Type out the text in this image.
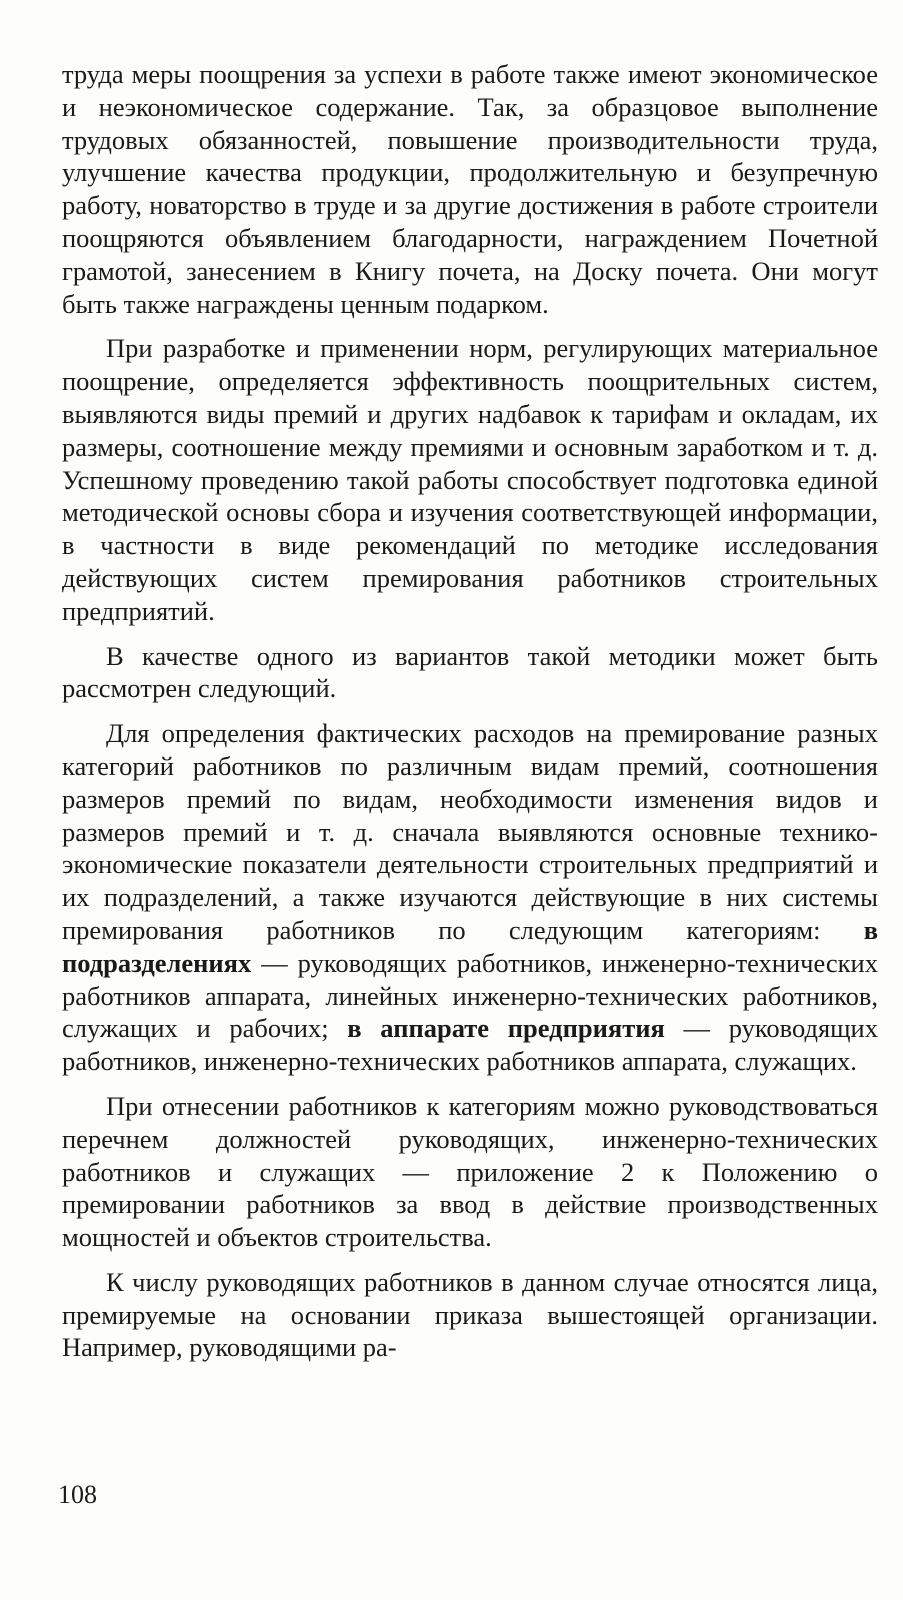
труда меры поощрения за успехи в работе также имеют экономическое и неэкономическое содержание. Так, за образцовое выполнение трудовых обязанностей, повышение производительности труда, улучшение качества продукции, продолжительную и безупречную работу, новаторство в труде и за другие достижения в работе строители поощряются объявлением благодарности, награждением Почетной грамотой, занесением в Книгу почета, на Доску почета. Они могут быть также награждены ценным подарком.

При разработке и применении норм, регулирующих материальное поощрение, определяется эффективность поощрительных систем, выявляются виды премий и других надбавок к тарифам и окладам, их размеры, соотношение между премиями и основным заработком и т. д. Успешному проведению такой работы способствует подготовка единой методической основы сбора и изучения соответствующей информации, в частности в виде рекомендаций по методике исследования действующих систем премирования работников строительных предприятий.

В качестве одного из вариантов такой методики может быть рассмотрен следующий.

Для определения фактических расходов на премирование разных категорий работников по различным видам премий, соотношения размеров премий по видам, необходимости изменения видов и размеров премий и т. д. сначала выявляются основные технико-экономические показатели деятельности строительных предприятий и их подразделений, а также изучаются действующие в них системы премирования работников по следующим категориям: в подразделениях — руководящих работников, инженерно-технических работников аппарата, линейных инженерно-технических работников, служащих и рабочих; в аппарате предприятия — руководящих работников, инженерно-технических работников аппарата, служащих.

При отнесении работников к категориям можно руководствоваться перечнем должностей руководящих, инженерно-технических работников и служащих — приложение 2 к Положению о премировании работников за ввод в действие производственных мощностей и объектов строительства.

К числу руководящих работников в данном случае относятся лица, премируемые на основании приказа вышестоящей организации. Например, руководящими ра-

108
